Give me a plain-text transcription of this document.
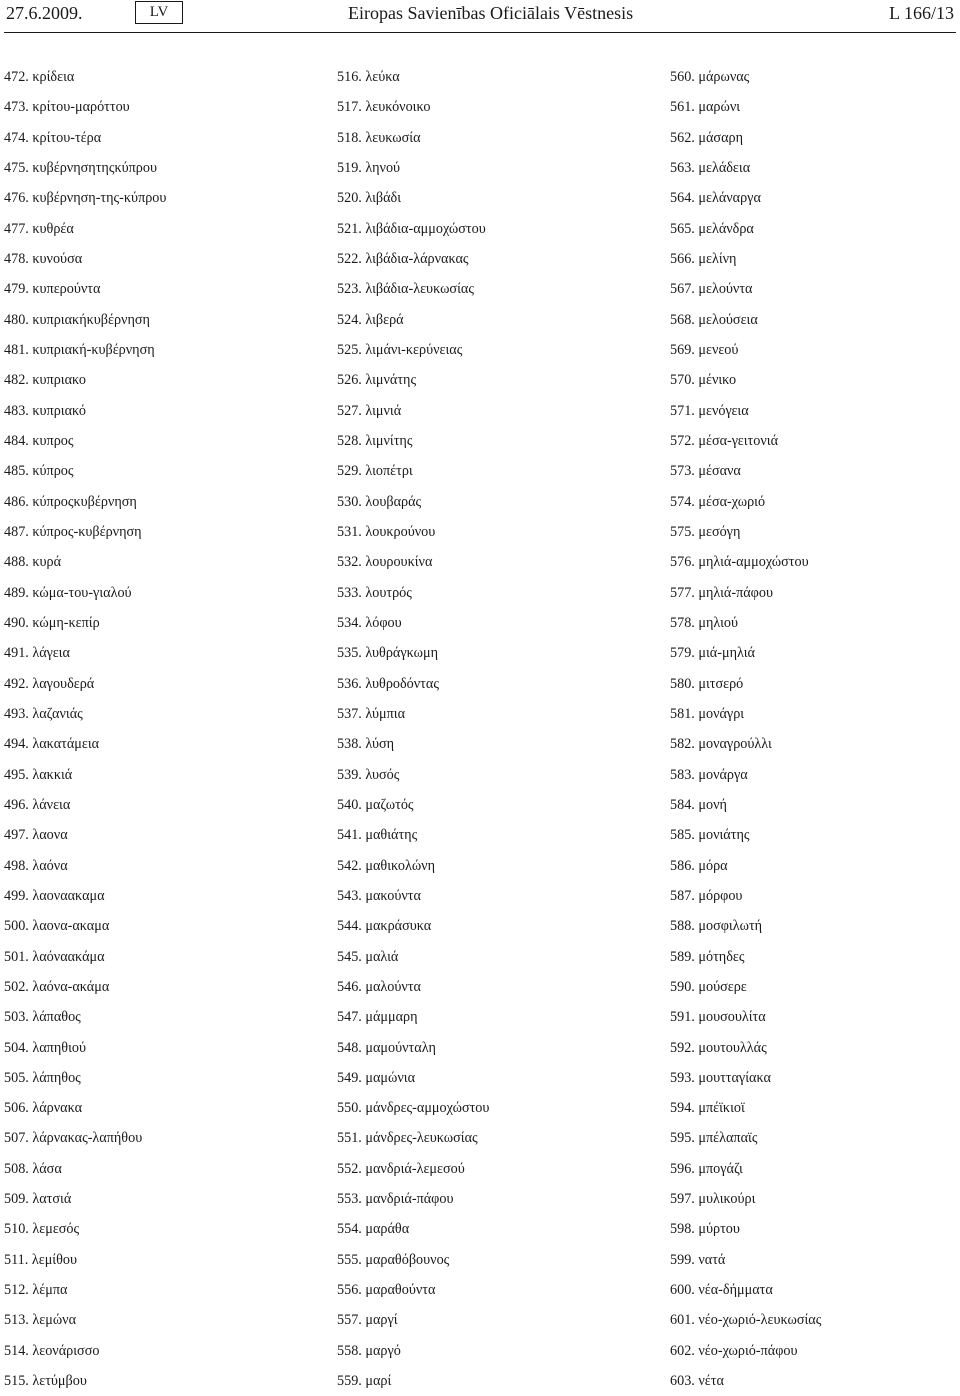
27.6.2009.	LV	Eiropas Savienības Oficiālais Vēstnesis	L 166/13
472. κρίδεια
473. κρίτου-μαρόττου
474. κρίτου-τέρα
475. κυβέρνησητηςκύπρου
476. κυβέρνηση-της-κύπρου
477. κυθρέα
478. κυνούσα
479. κυπερούντα
480. κυπριακήκυβέρνηση
481. κυπριακή-κυβέρνηση
482. κυπριακο
483. κυπριακό
484. κυπρος
485. κύπρος
486. κύπροςκυβέρνηση
487. κύπρος-κυβέρνηση
488. κυρά
489. κώμα-του-γιαλού
490. κώμη-κεπίρ
491. λάγεια
492. λαγουδερά
493. λαζανιάς
494. λακατάμεια
495. λακκιά
496. λάνεια
497. λαονα
498. λαόνα
499. λαοναακαμα
500. λαονα-ακαμα
501. λαόναακάμα
502. λαόνα-ακάμα
503. λάπαθος
504. λαπηθιού
505. λάπηθος
506. λάρνακα
507. λάρνακας-λαπήθου
508. λάσα
509. λατσιά
510. λεμεσός
511. λεμίθου
512. λέμπα
513. λεμώνα
514. λεονάρισσο
515. λετύμβου
516. λεύκα
517. λευκόνοικο
518. λευκωσία
519. ληνού
520. λιβάδι
521. λιβάδια-αμμοχώστου
522. λιβάδια-λάρνακας
523. λιβάδια-λευκωσίας
524. λιβερά
525. λιμάνι-κερύνειας
526. λιμνάτης
527. λιμνιά
528. λιμνίτης
529. λιοπέτρι
530. λουβαράς
531. λουκρούνου
532. λουρουκίνα
533. λουτρός
534. λόφου
535. λυθράγκωμη
536. λυθροδόντας
537. λύμπια
538. λύση
539. λυσός
540. μαζωτός
541. μαθιάτης
542. μαθικολώνη
543. μακούντα
544. μακράσυκα
545. μαλιά
546. μαλούντα
547. μάμμαρη
548. μαμούνταλη
549. μαμώνια
550. μάνδρες-αμμοχώστου
551. μάνδρες-λευκωσίας
552. μανδριά-λεμεσού
553. μανδριά-πάφου
554. μαράθα
555. μαραθόβουνος
556. μαραθούντα
557. μαργί
558. μαργό
559. μαρί
560. μάρωνας
561. μαρώνι
562. μάσαρη
563. μελάδεια
564. μελάναργα
565. μελάνδρα
566. μελίνη
567. μελούντα
568. μελούσεια
569. μενεού
570. μένικο
571. μενόγεια
572. μέσα-γειτονιά
573. μέσανα
574. μέσα-χωριό
575. μεσόγη
576. μηλιά-αμμοχώστου
577. μηλιά-πάφου
578. μηλιού
579. μιά-μηλιά
580. μιτσερό
581. μονάγρι
582. μοναγρούλλι
583. μονάργα
584. μονή
585. μονιάτης
586. μόρα
587. μόρφου
588. μοσφιλωτή
589. μότηδες
590. μούσερε
591. μουσουλίτα
592. μουτουλλάς
593. μουτταγίακα
594. μπέϊκιοϊ
595. μπέλαπαϊς
596. μπογάζι
597. μυλικούρι
598. μύρτου
599. νατά
600. νέα-δήμματα
601. νέο-χωριό-λευκωσίας
602. νέο-χωριό-πάφου
603. νέτα
